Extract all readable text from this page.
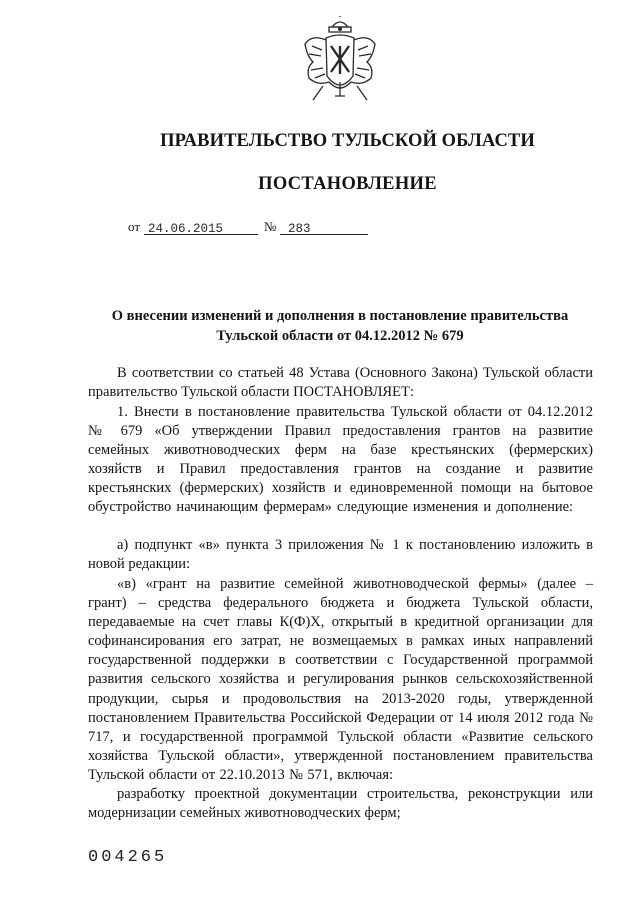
ПРАВИТЕЛЬСТВО ТУЛЬСКОЙ ОБЛАСТИ
ПОСТАНОВЛЕНИЕ
от 24.06.2015	№ 283

О внесении изменений и дополнения в постановление правительства Тульской области от 04.12.2012 № 679

В соответствии со статьей 48 Устава (Основного Закона) Тульской области правительство Тульской области ПОСТАНОВЛЯЕТ:

1. Внести в постановление правительства Тульской области от 04.12.2012 № 679 «Об утверждении Правил предоставления грантов на развитие семейных животноводческих ферм на базе крестьянских (фермерских) хозяйств и Правил предоставления грантов на создание и развитие крестьянских (фермерских) хозяйств и единовременной помощи на бытовое обустройство начинающим фермерам» следующие изменения и дополнение:

а) подпункт «в» пункта 3 приложения № 1 к постановлению изложить в новой редакции:

«в) «грант на развитие семейной животноводческой фермы» (далее – грант) – средства федерального бюджета и бюджета Тульской области, передаваемые на счет главы К(Ф)Х, открытый в кредитной организации для софинансирования его затрат, не возмещаемых в рамках иных направлений государственной поддержки в соответствии с Государственной программой развития сельского хозяйства и регулирования рынков сельскохозяйственной продукции, сырья и продовольствия на 2013-2020 годы, утвержденной постановлением Правительства Российской Федерации от 14 июля 2012 года № 717, и государственной программой Тульской области «Развитие сельского хозяйства Тульской области», утвержденной постановлением правительства Тульской области от 22.10.2013 № 571, включая:

разработку проектной документации строительства, реконструкции или модернизации семейных животноводческих ферм;

004265
